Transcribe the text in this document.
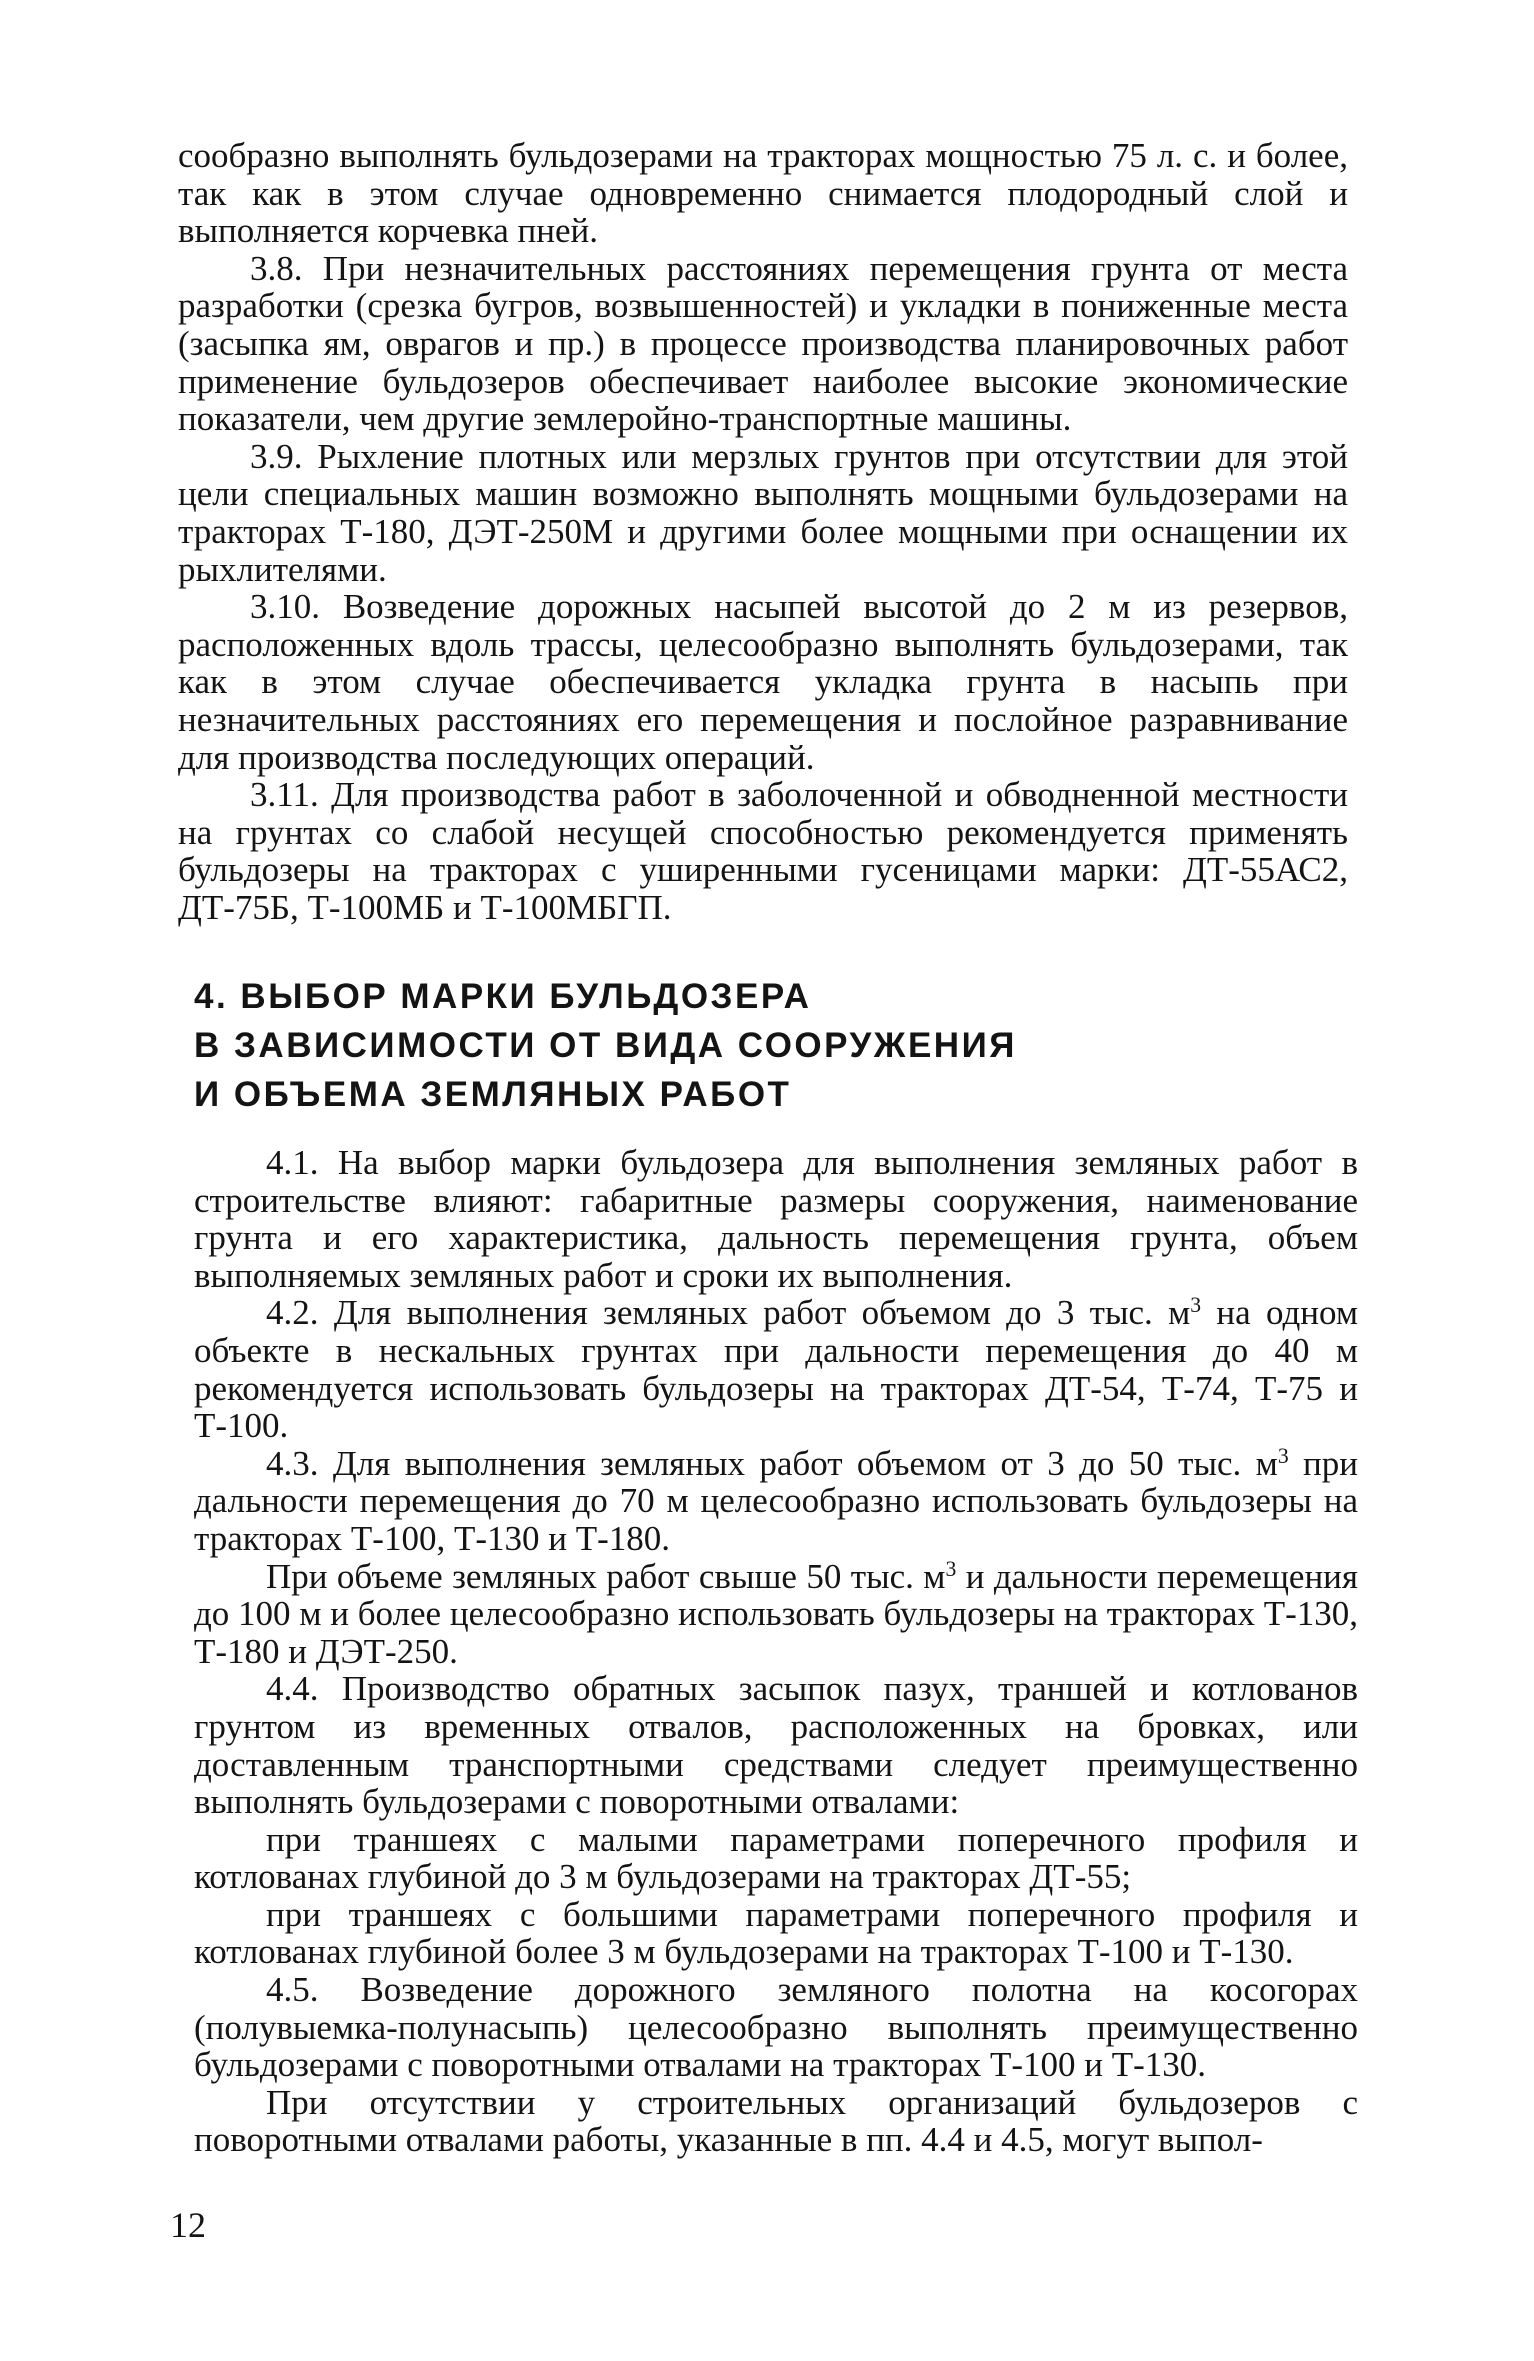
сообразно выполнять бульдозерами на тракторах мощностью 75 л. с. и более, так как в этом случае одновременно снимается плодородный слой и выполняется корчевка пней.

3.8. При незначительных расстояниях перемещения грунта от места разработки (срезка бугров, возвышенностей) и укладки в пониженные места (засыпка ям, оврагов и пр.) в процессе производства планировочных работ применение бульдозеров обеспечивает наиболее высокие экономические показатели, чем другие землеройно-транспортные машины.

3.9. Рыхление плотных или мерзлых грунтов при отсутствии для этой цели специальных машин возможно выполнять мощными бульдозерами на тракторах Т-180, ДЭТ-250М и другими более мощными при оснащении их рыхлителями.

3.10. Возведение дорожных насыпей высотой до 2 м из резервов, расположенных вдоль трассы, целесообразно выполнять бульдозерами, так как в этом случае обеспечивается укладка грунта в насыпь при незначительных расстояниях его перемещения и послойное разравнивание для производства последующих операций.

3.11. Для производства работ в заболоченной и обводненной местности на грунтах со слабой несущей способностью рекомендуется применять бульдозеры на тракторах с уширенными гусеницами марки: ДТ-55АС2, ДТ-75Б, Т-100МБ и Т-100МБГП.

4. ВЫБОР МАРКИ БУЛЬДОЗЕРА
В ЗАВИСИМОСТИ ОТ ВИДА СООРУЖЕНИЯ
И ОБЪЕМА ЗЕМЛЯНЫХ РАБОТ

4.1. На выбор марки бульдозера для выполнения земляных работ в строительстве влияют: габаритные размеры сооружения, наименование грунта и его характеристика, дальность перемещения грунта, объем выполняемых земляных работ и сроки их выполнения.

4.2. Для выполнения земляных работ объемом до 3 тыс. $м^3$ на одном объекте в нескальных грунтах при дальности перемещения до 40 м рекомендуется использовать бульдозеры на тракторах ДТ-54, Т-74, Т-75 и Т-100.

4.3. Для выполнения земляных работ объемом от 3 до 50 тыс. $м^3$ при дальности перемещения до 70 м целесообразно использовать бульдозеры на тракторах Т-100, Т-130 и Т-180.

При объеме земляных работ свыше 50 тыс. $м^3$ и дальности перемещения до 100 м и более целесообразно использовать бульдозеры на тракторах Т-130, Т-180 и ДЭТ-250.

4.4. Производство обратных засыпок пазух, траншей и котлованов грунтом из временных отвалов, расположенных на бровках, или доставленным транспортными средствами следует преимущественно выполнять бульдозерами с поворотными отвалами:

при траншеях с малыми параметрами поперечного профиля и котлованах глубиной до 3 м бульдозерами на тракторах ДТ-55;

при траншеях с большими параметрами поперечного профиля и котлованах глубиной более 3 м бульдозерами на тракторах Т-100 и Т-130.

4.5. Возведение дорожного земляного полотна на косогорах (полувыемка-полунасыпь) целесообразно выполнять преимущественно бульдозерами с поворотными отвалами на тракторах Т-100 и Т-130.

При отсутствии у строительных организаций бульдозеров с поворотными отвалами работы, указанные в пп. 4.4 и 4.5, могут выпол-

12
